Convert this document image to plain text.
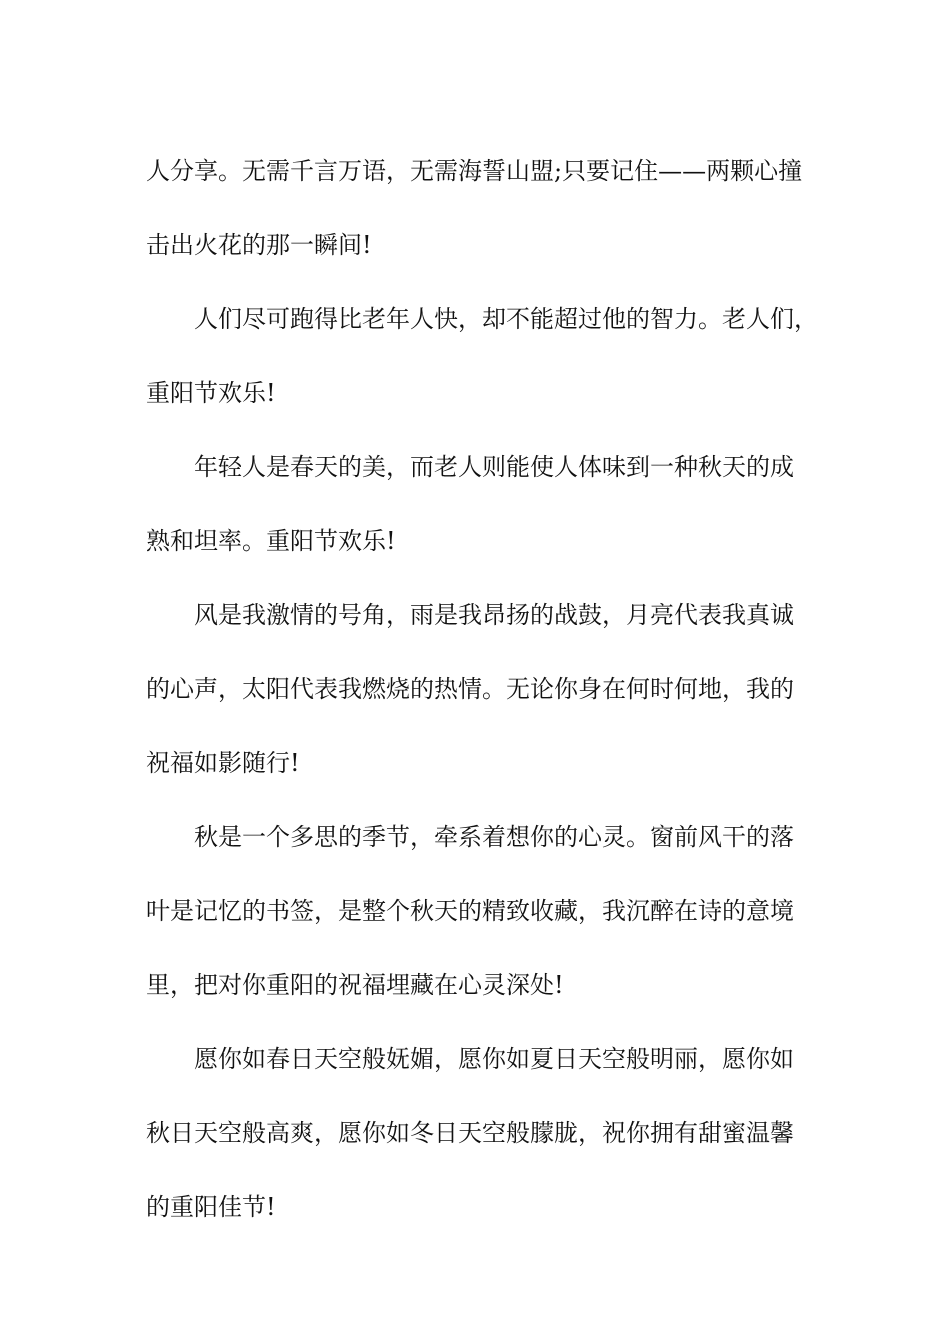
人分享。无需千言万语，无需海誓山盟;只要记住——两颗心撞
击出火花的那一瞬间!
人们尽可跑得比老年人快，却不能超过他的智力。老人们，
重阳节欢乐!
年轻人是春天的美，而老人则能使人体味到一种秋天的成
熟和坦率。重阳节欢乐!
风是我激情的号角，雨是我昂扬的战鼓，月亮代表我真诚
的心声，太阳代表我燃烧的热情。无论你身在何时何地，我的
祝福如影随行!
秋是一个多思的季节，牵系着想你的心灵。窗前风干的落
叶是记忆的书签，是整个秋天的精致收藏，我沉醉在诗的意境
里，把对你重阳的祝福埋藏在心灵深处!
愿你如春日天空般妩媚，愿你如夏日天空般明丽，愿你如
秋日天空般高爽，愿你如冬日天空般朦胧，祝你拥有甜蜜温馨
的重阳佳节!
